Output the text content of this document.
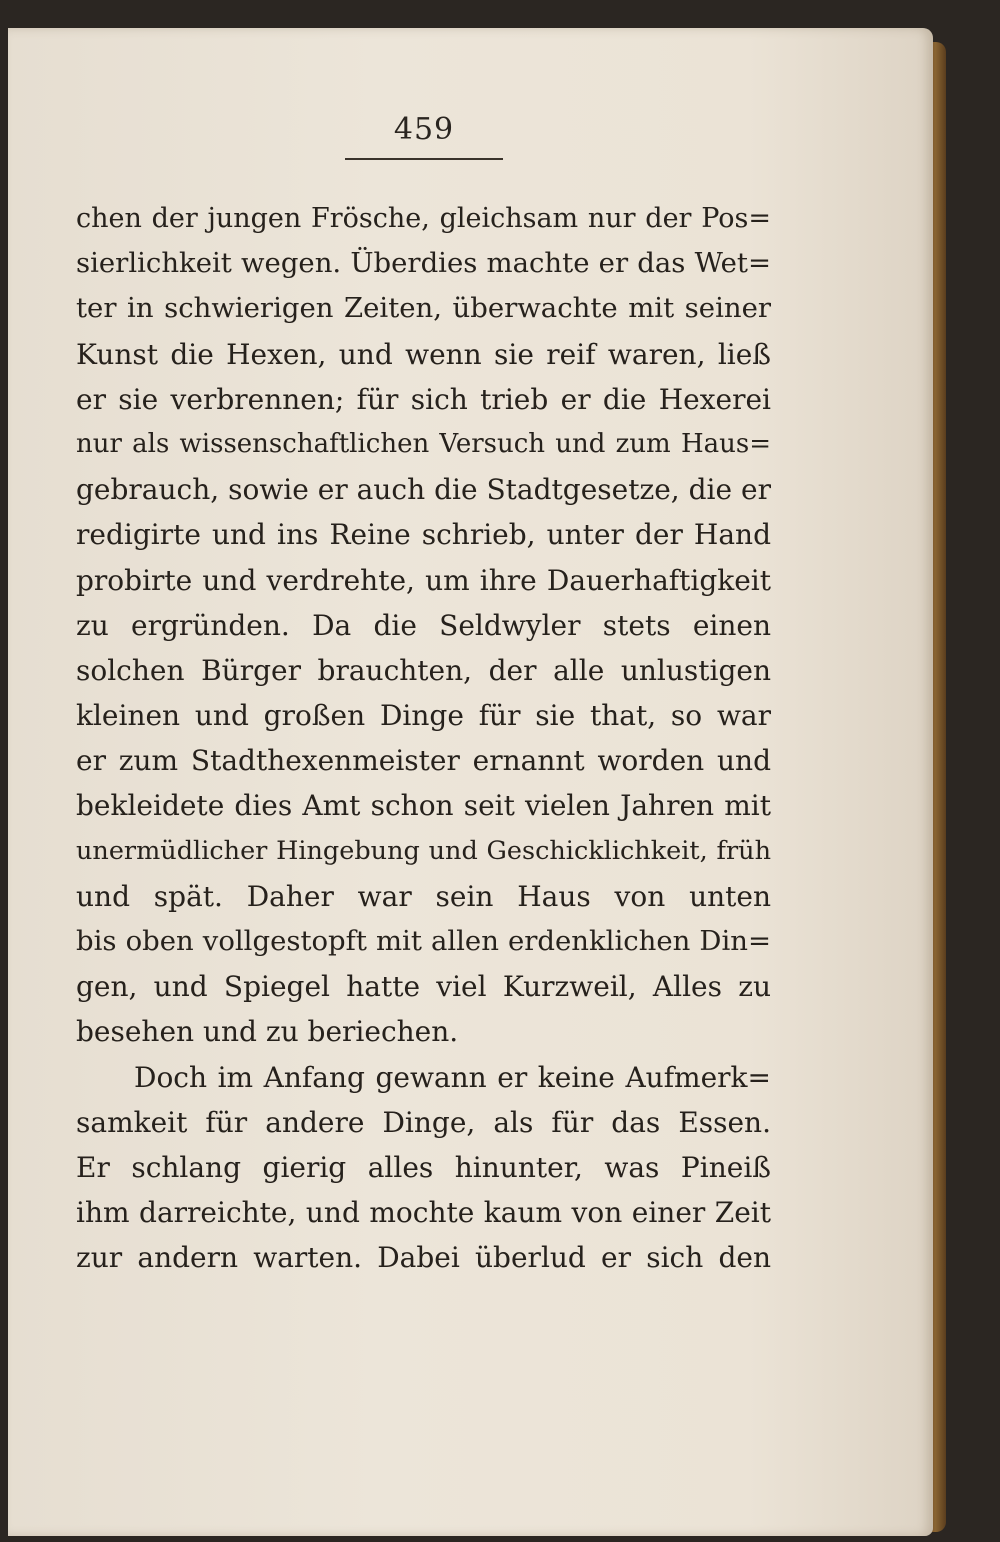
459
chen der jungen Frösche, gleichsam nur der Pos=
sierlichkeit wegen. Überdies machte er das Wet=
ter in schwierigen Zeiten, überwachte mit seiner
Kunst die Hexen, und wenn sie reif waren, ließ
er sie verbrennen; für sich trieb er die Hexerei
nur als wissenschaftlichen Versuch und zum Haus=
gebrauch, sowie er auch die Stadtgesetze, die er
redigirte und ins Reine schrieb, unter der Hand
probirte und verdrehte, um ihre Dauerhaftigkeit
zu ergründen. Da die Seldwyler stets einen
solchen Bürger brauchten, der alle unlustigen
kleinen und großen Dinge für sie that, so war
er zum Stadthexenmeister ernannt worden und
bekleidete dies Amt schon seit vielen Jahren mit
unermüdlicher Hingebung und Geschicklichkeit, früh
und spät. Daher war sein Haus von unten
bis oben vollgestopft mit allen erdenklichen Din=
gen, und Spiegel hatte viel Kurzweil, Alles zu
besehen und zu beriechen.
Doch im Anfang gewann er keine Aufmerk=
samkeit für andere Dinge, als für das Essen.
Er schlang gierig alles hinunter, was Pineiß
ihm darreichte, und mochte kaum von einer Zeit
zur andern warten. Dabei überlud er sich den
